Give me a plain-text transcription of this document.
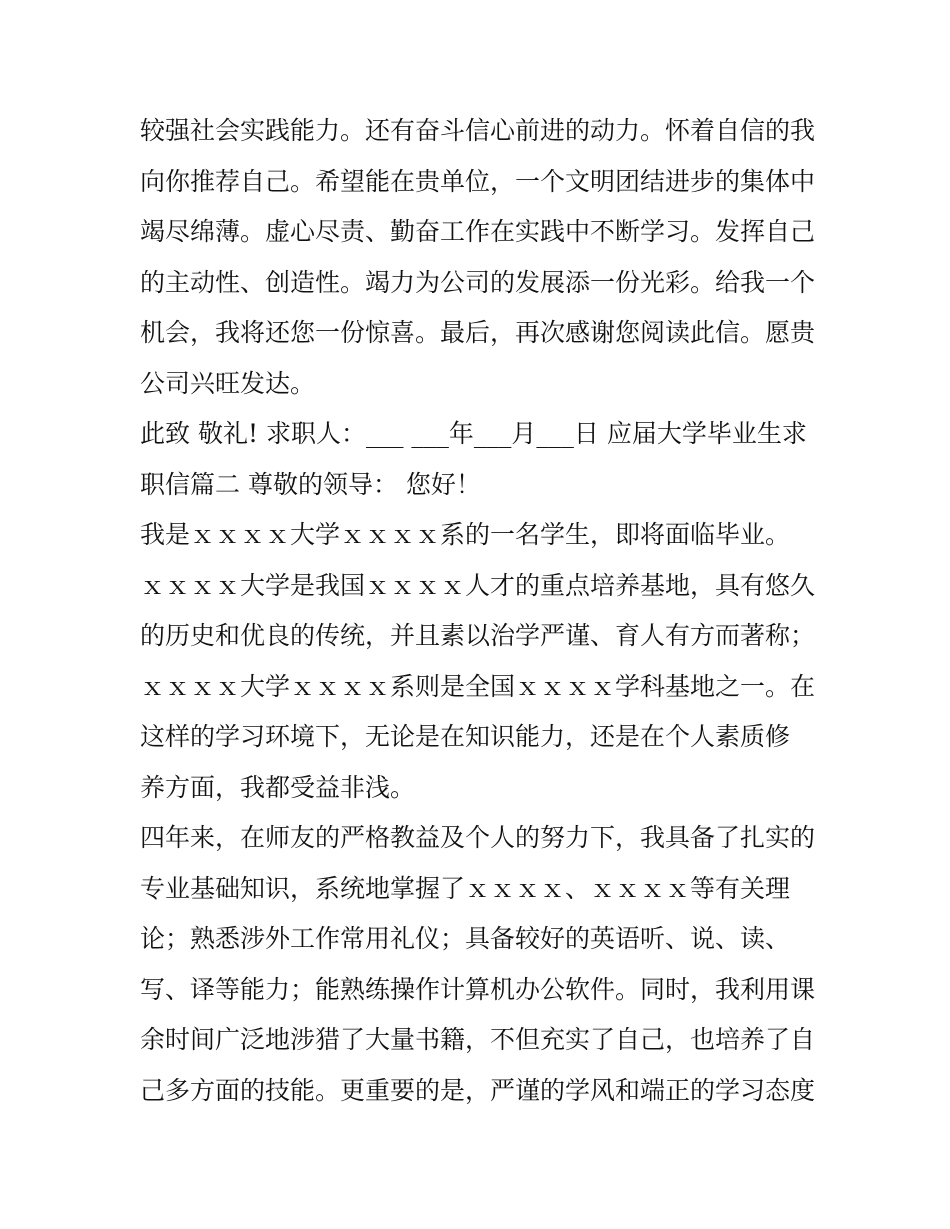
较强社会实践能力。还有奋斗信心前进的动力。怀着自信的我
向你推荐自己。希望能在贵单位，一个文明团结进步的集体中
竭尽绵薄。虚心尽责、勤奋工作在实践中不断学习。发挥自己
的主动性、创造性。竭力为公司的发展添一份光彩。给我一个
机会，我将还您一份惊喜。最后，再次感谢您阅读此信。愿贵
公司兴旺发达。
此致 敬礼! 求职人：___ ___年___月___日 应届大学毕业生求
职信篇二 尊敬的领导： 您好！
我是ｘｘｘｘ大学ｘｘｘｘ系的一名学生，即将面临毕业。
ｘｘｘｘ大学是我国ｘｘｘｘ人才的重点培养基地，具有悠久
的历史和优良的传统，并且素以治学严谨、育人有方而著称；
ｘｘｘｘ大学ｘｘｘｘ系则是全国ｘｘｘｘ学科基地之一。在
这样的学习环境下，无论是在知识能力，还是在个人素质修
养方面，我都受益非浅。
四年来，在师友的严格教益及个人的努力下，我具备了扎实的
专业基础知识，系统地掌握了ｘｘｘｘ、ｘｘｘｘ等有关理
论；熟悉涉外工作常用礼仪；具备较好的英语听、说、读、
写、译等能力；能熟练操作计算机办公软件。同时，我利用课
余时间广泛地涉猎了大量书籍，不但充实了自己，也培养了自
己多方面的技能。更重要的是，严谨的学风和端正的学习态度
